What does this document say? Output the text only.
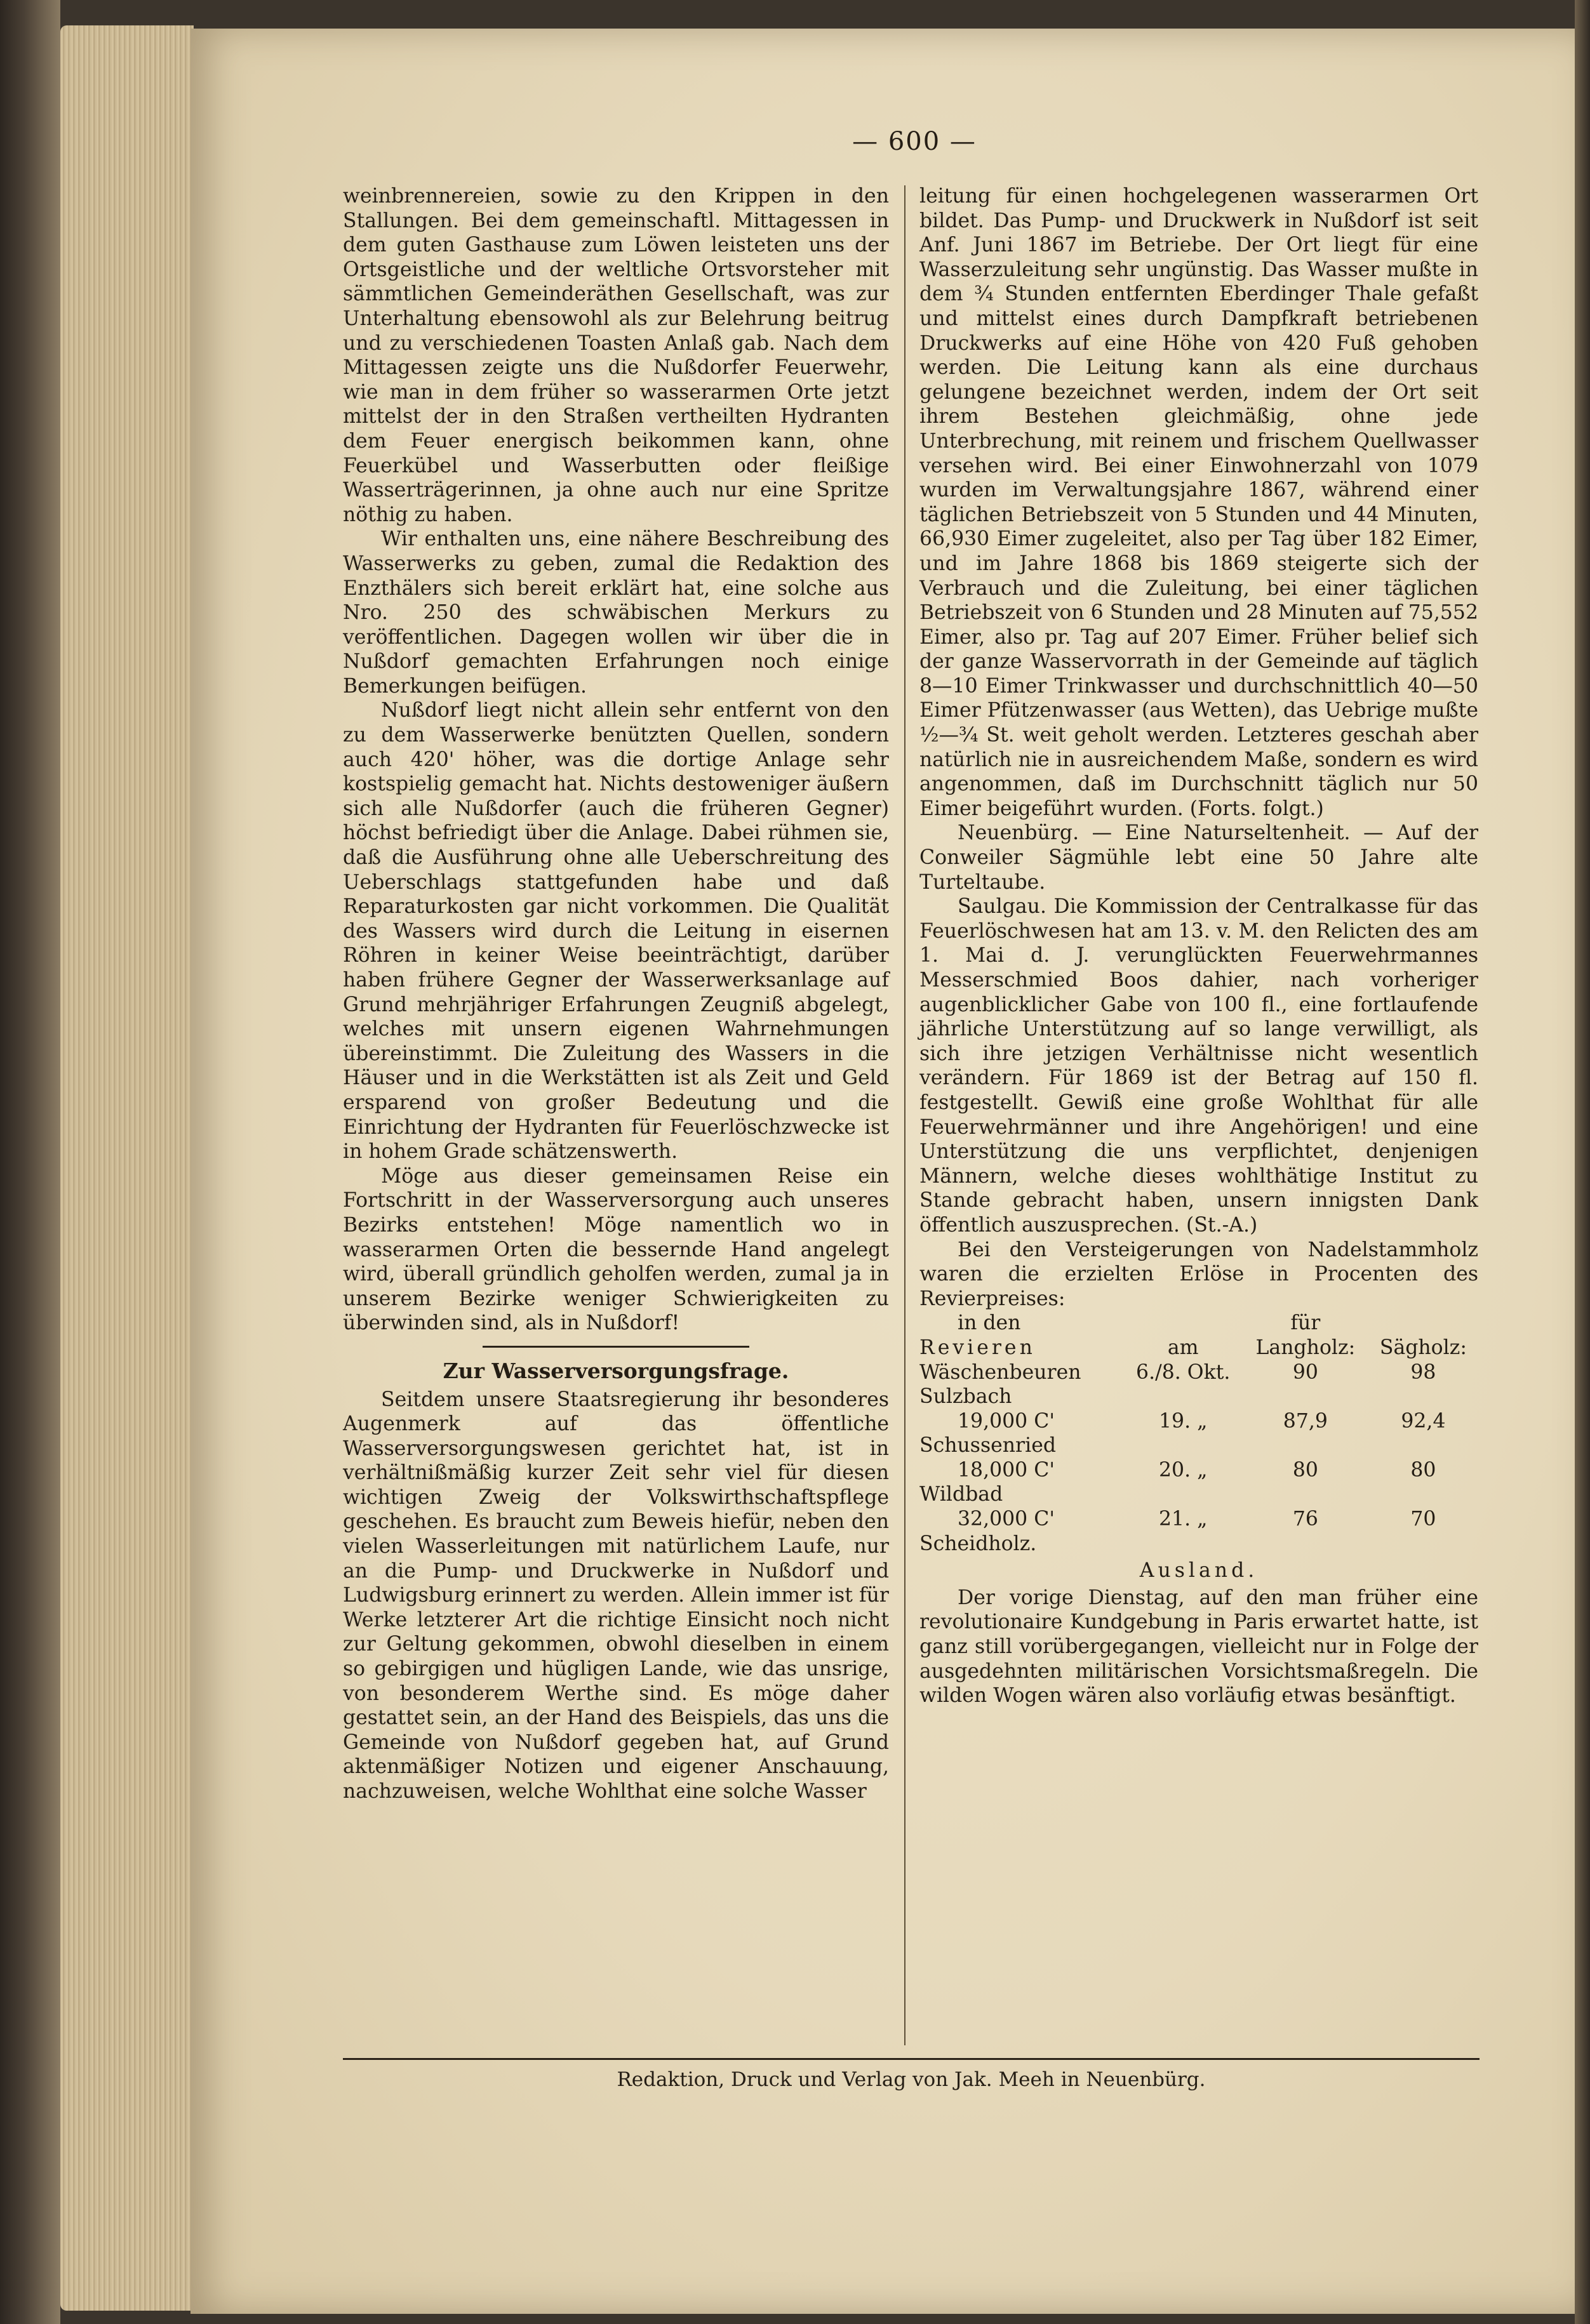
— 600 —

weinbrennereien, sowie zu den Krippen in den Stallungen. Bei dem gemeinschaftl. Mittagessen in dem guten Gasthause zum Löwen leisteten uns der Ortsgeistliche und der weltliche Ortsvorsteher mit sämmtlichen Gemeinderäthen Gesellschaft, was zur Unterhaltung ebensowohl als zur Belehrung beitrug und zu verschiedenen Toasten Anlaß gab. Nach dem Mittagessen zeigte uns die Nußdorfer Feuerwehr, wie man in dem früher so wasserarmen Orte jetzt mittelst der in den Straßen vertheilten Hydranten dem Feuer energisch beikommen kann, ohne Feuerkübel und Wasserbutten oder fleißige Wasserträgerinnen, ja ohne auch nur eine Spritze nöthig zu haben.

Wir enthalten uns, eine nähere Beschreibung des Wasserwerks zu geben, zumal die Redaktion des Enzthälers sich bereit erklärt hat, eine solche aus Nro. 250 des schwäbischen Merkurs zu veröffentlichen. Dagegen wollen wir über die in Nußdorf gemachten Erfahrungen noch einige Bemerkungen beifügen.

Nußdorf liegt nicht allein sehr entfernt von den zu dem Wasserwerke benützten Quellen, sondern auch 420' höher, was die dortige Anlage sehr kostspielig gemacht hat. Nichts destoweniger äußern sich alle Nußdorfer (auch die früheren Gegner) höchst befriedigt über die Anlage. Dabei rühmen sie, daß die Ausführung ohne alle Ueberschreitung des Ueberschlags stattgefunden habe und daß Reparaturkosten gar nicht vorkommen. Die Qualität des Wassers wird durch die Leitung in eisernen Röhren in keiner Weise beeinträchtigt, darüber haben frühere Gegner der Wasserwerksanlage auf Grund mehrjähriger Erfahrungen Zeugniß abgelegt, welches mit unsern eigenen Wahrnehmungen übereinstimmt. Die Zuleitung des Wassers in die Häuser und in die Werkstätten ist als Zeit und Geld ersparend von großer Bedeutung und die Einrichtung der Hydranten für Feuerlöschzwecke ist in hohem Grade schätzenswerth.

Möge aus dieser gemeinsamen Reise ein Fortschritt in der Wasserversorgung auch unseres Bezirks entstehen! Möge namentlich wo in wasserarmen Orten die bessernde Hand angelegt wird, überall gründlich geholfen werden, zumal ja in unserem Bezirke weniger Schwierigkeiten zu überwinden sind, als in Nußdorf!

Zur Wasserversorgungsfrage.

Seitdem unsere Staatsregierung ihr besonderes Augenmerk auf das öffentliche Wasserversorgungswesen gerichtet hat, ist in verhältnißmäßig kurzer Zeit sehr viel für diesen wichtigen Zweig der Volkswirthschaftspflege geschehen. Es braucht zum Beweis hiefür, neben den vielen Wasserleitungen mit natürlichem Laufe, nur an die Pump- und Druckwerke in Nußdorf und Ludwigsburg erinnert zu werden. Allein immer ist für Werke letzterer Art die richtige Einsicht noch nicht zur Geltung gekommen, obwohl dieselben in einem so gebirgigen und hügligen Lande, wie das unsrige, von besonderem Werthe sind. Es möge daher gestattet sein, an der Hand des Beispiels, das uns die Gemeinde von Nußdorf gegeben hat, auf Grund aktenmäßiger Notizen und eigener Anschauung, nachzuweisen, welche Wohlthat eine solche Wasser

leitung für einen hochgelegenen wasserarmen Ort bildet. Das Pump- und Druckwerk in Nußdorf ist seit Anf. Juni 1867 im Betriebe. Der Ort liegt für eine Wasserzuleitung sehr ungünstig. Das Wasser mußte in dem ¾ Stunden entfernten Eberdinger Thale gefaßt und mittelst eines durch Dampfkraft betriebenen Druckwerks auf eine Höhe von 420 Fuß gehoben werden. Die Leitung kann als eine durchaus gelungene bezeichnet werden, indem der Ort seit ihrem Bestehen gleichmäßig, ohne jede Unterbrechung, mit reinem und frischem Quellwasser versehen wird. Bei einer Einwohnerzahl von 1079 wurden im Verwaltungsjahre 1867, während einer täglichen Betriebszeit von 5 Stunden und 44 Minuten, 66,930 Eimer zugeleitet, also per Tag über 182 Eimer, und im Jahre 1868 bis 1869 steigerte sich der Verbrauch und die Zuleitung, bei einer täglichen Betriebszeit von 6 Stunden und 28 Minuten auf 75,552 Eimer, also pr. Tag auf 207 Eimer. Früher belief sich der ganze Wasservorrath in der Gemeinde auf täglich 8—10 Eimer Trinkwasser und durchschnittlich 40—50 Eimer Pfützenwasser (aus Wetten), das Uebrige mußte ½—¾ St. weit geholt werden. Letzteres geschah aber natürlich nie in ausreichendem Maße, sondern es wird angenommen, daß im Durchschnitt täglich nur 50 Eimer beigeführt wurden. (Forts. folgt.)

Neuenbürg. — Eine Naturseltenheit. — Auf der Conweiler Sägmühle lebt eine 50 Jahre alte Turteltaube.

Saulgau. Die Kommission der Centralkasse für das Feuerlöschwesen hat am 13. v. M. den Relicten des am 1. Mai d. J. verunglückten Feuerwehrmannes Messerschmied Boos dahier, nach vorheriger augenblicklicher Gabe von 100 fl., eine fortlaufende jährliche Unterstützung auf so lange verwilligt, als sich ihre jetzigen Verhältnisse nicht wesentlich verändern. Für 1869 ist der Betrag auf 150 fl. festgestellt. Gewiß eine große Wohlthat für alle Feuerwehrmänner und ihre Angehörigen! und eine Unterstützung die uns verpflichtet, denjenigen Männern, welche dieses wohlthätige Institut zu Stande gebracht haben, unsern innigsten Dank öffentlich auszusprechen. (St.-A.)

Bei den Versteigerungen von Nadelstammholz waren die erzielten Erlöse in Procenten des Revierpreises:

in den		für	
Revieren	am	Langholz:	Sägholz:
Wäschenbeuren	6./8. Okt.	90	98
Sulzbach			
19,000 C'	19. „	87,9	92,4
Schussenried			
18,000 C'	20. „	80	80
Wildbad			
32,000 C'	21. „	76	70
Scheidholz.			
Ausland.

Der vorige Dienstag, auf den man früher eine revolutionaire Kundgebung in Paris erwartet hatte, ist ganz still vorübergegangen, vielleicht nur in Folge der ausgedehnten militärischen Vorsichtsmaßregeln. Die wilden Wogen wären also vorläufig etwas besänftigt.

Redaktion, Druck und Verlag von Jak. Meeh in Neuenbürg.
